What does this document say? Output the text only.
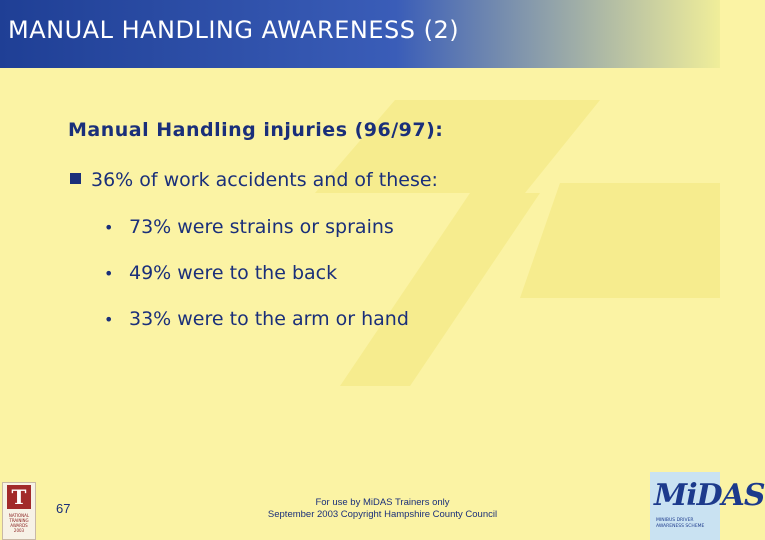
MANUAL HANDLING AWARENESS (2)
Manual Handling injuries (96/97):
36% of work accidents and of these:
• 73% were strains or sprains
• 49% were to the back
• 33% were to the arm or hand
T
NATIONAL TRAINING AWARDS 2003
67	For use by MiDAS Trainers only
September 2003 Copyright Hampshire County Council
MiDAS
MINIBUS DRIVER AWARENESS SCHEME
